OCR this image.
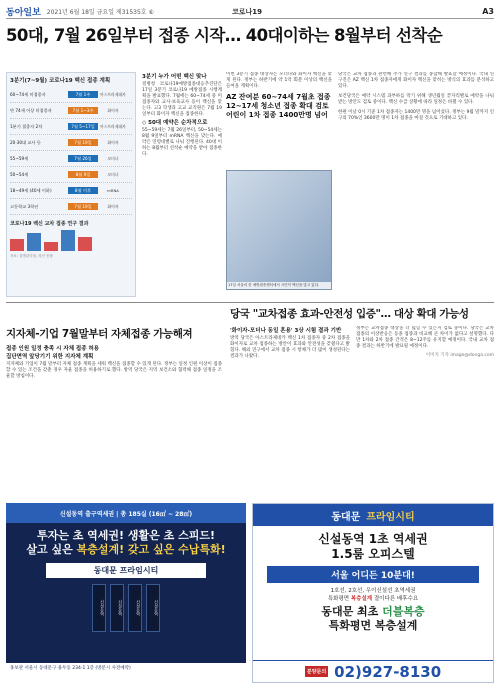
동아일보 2021년 6월 18일 금요일 제31535호 ⑥	코로나19	A3
50대, 7월 26일부터 접종 시작… 40대이하는 8월부터 선착순
3분기(7~9월) 코로나19 백신 접종 계획
60~74세 미접종자	7월 1주	아스트라제네카
만 74세 이상 미접종자	7월 1~3주	화이자
1분기 접종자 2차	7월 5~17일	아스트라제네카
20·30대 교사 등	7월 19일	화이자
55~59세	7월 26일	모더나
50~54세	8월 9일	모더나
18~49세 (40세 이하)	8월 이후	mRNA
고등학교 3학년	7월 19일	화이자
코로나19 백신 교차 접종 연구 결과
자료: 질병관리청, 외신 종합
3분기 누가 어떤 백신 맞나

질병청 코로나19예방접종대응추진단은 17일 3분기 코로나19 예방접종 시행계획을 발표했다. 7월에는 60~74세 중 미접종자와 교사·보육교사 등이 백신을 맞는다. 고3 학생과 고교 교직원은 7월 19일부터 화이자 백신을 접종한다.

◇ 50대 예약은 순차적으로

55~59세는 7월 26일부터, 50~54세는 8월 9일부터 mRNA 백신을 맞는다. 예약은 연령대별로 나눠 진행된다. 40대 이하는 8월부터 선착순 예약을 받아 접종한다.

이번 3분기 접종 대상자는 모더나와 화이자 백신을 맞게 된다. 정부는 하반기에 약 1억 회분 이상의 백신을 들여올 계획이다.

AZ 잔여분 60~74세 7월초 접종
12~17세 청소년 접종 확대 검토
어린이 1차 접종 1400만명 넘어
17일 서울의 한 예방접종센터에서 시민이 백신을 맞고 있다.

당국은 교차 접종과 관련해 추가 연구 결과를 종합해 발표할 예정이다. 국내 연구진은 AZ 백신 1차 접종자에게 화이자 백신을 맞히는 방식의 효과를 분석하고 있다.

보건당국은 예약 시스템 과부하를 막기 위해 생년월일 끝자리별로 예약을 나눠 받는 방안도 검토 중이다. 백신 수급 상황에 따라 일정은 바뀔 수 있다.

한편 이날 0시 기준 1차 접종자는 1400만 명을 넘어섰다. 정부는 9월 말까지 인구의 70%인 3600만 명이 1차 접종을 마칠 것으로 기대하고 있다.

당국 "교차접종 효과-안전성 입증"… 대상 확대 가능성
지자체-기업 7월말부터 자체접종 가능해져
접종 인원 일정 충족 시 자체 접종 허용
집단면역 앞당기기 위한 지자체 계획

지자체와 기업이 7월 말부터 자체 접종 계획을 세워 백신을 접종할 수 있게 된다. 정부는 일정 인원 이상이 접종할 수 있는 조건을 갖춘 경우 자율 접종을 허용하기로 했다. 방역 당국은 지역 보건소와 협력해 접종 일정을 조율할 방침이다.

'화이자-모더나 동일 혼용' 3상 시험 결과 기반

방역 당국은 아스트라제네카 백신 1차 접종자 중 2차 접종을 화이자로 교차 접종하는 방안이 효과와 안전성을 갖췄다고 밝혔다. 해외 연구에서 교차 접종 시 항체가 더 많이 생성된다는 결과가 나왔다.

정부는 교차접종 대상을 더 넓힐 수 있는지 검토 중이다. 당국은 교차 접종의 이상반응은 동종 접종과 비교해 큰 차이가 없다고 설명했다. 다만 1차와 2차 접종 간격은 8~12주를 유지할 예정이다. 국내 교차 접종 결과는 하반기에 발표될 예정이다.

이미지 기자 image@donga.com

신설동역 출구역세권 | 총 185실 (16㎡ ~ 28㎡)
투자는 초 역세권! 생활은 초 스피드!
살고 싶은 복층설계! 갖고 싶은 수납특화!
동대문 프라임시티
신설동역	신설동역	신설동역	신설동역
홍보관 서울시 동대문구 용두동 234-1 1층 (방문시 사전예약)
동대문 프라임시티
신설동역 1초 역세권
1.5룸 오피스텔
서울 어디든 10분대!
1호선, 2호선, 우이신설선 초역세권
특화평면 복층설계 결이다른 배후수요
동대문 최초 더블복층
특화평면 복층설계
분양문의 02)927-8130
